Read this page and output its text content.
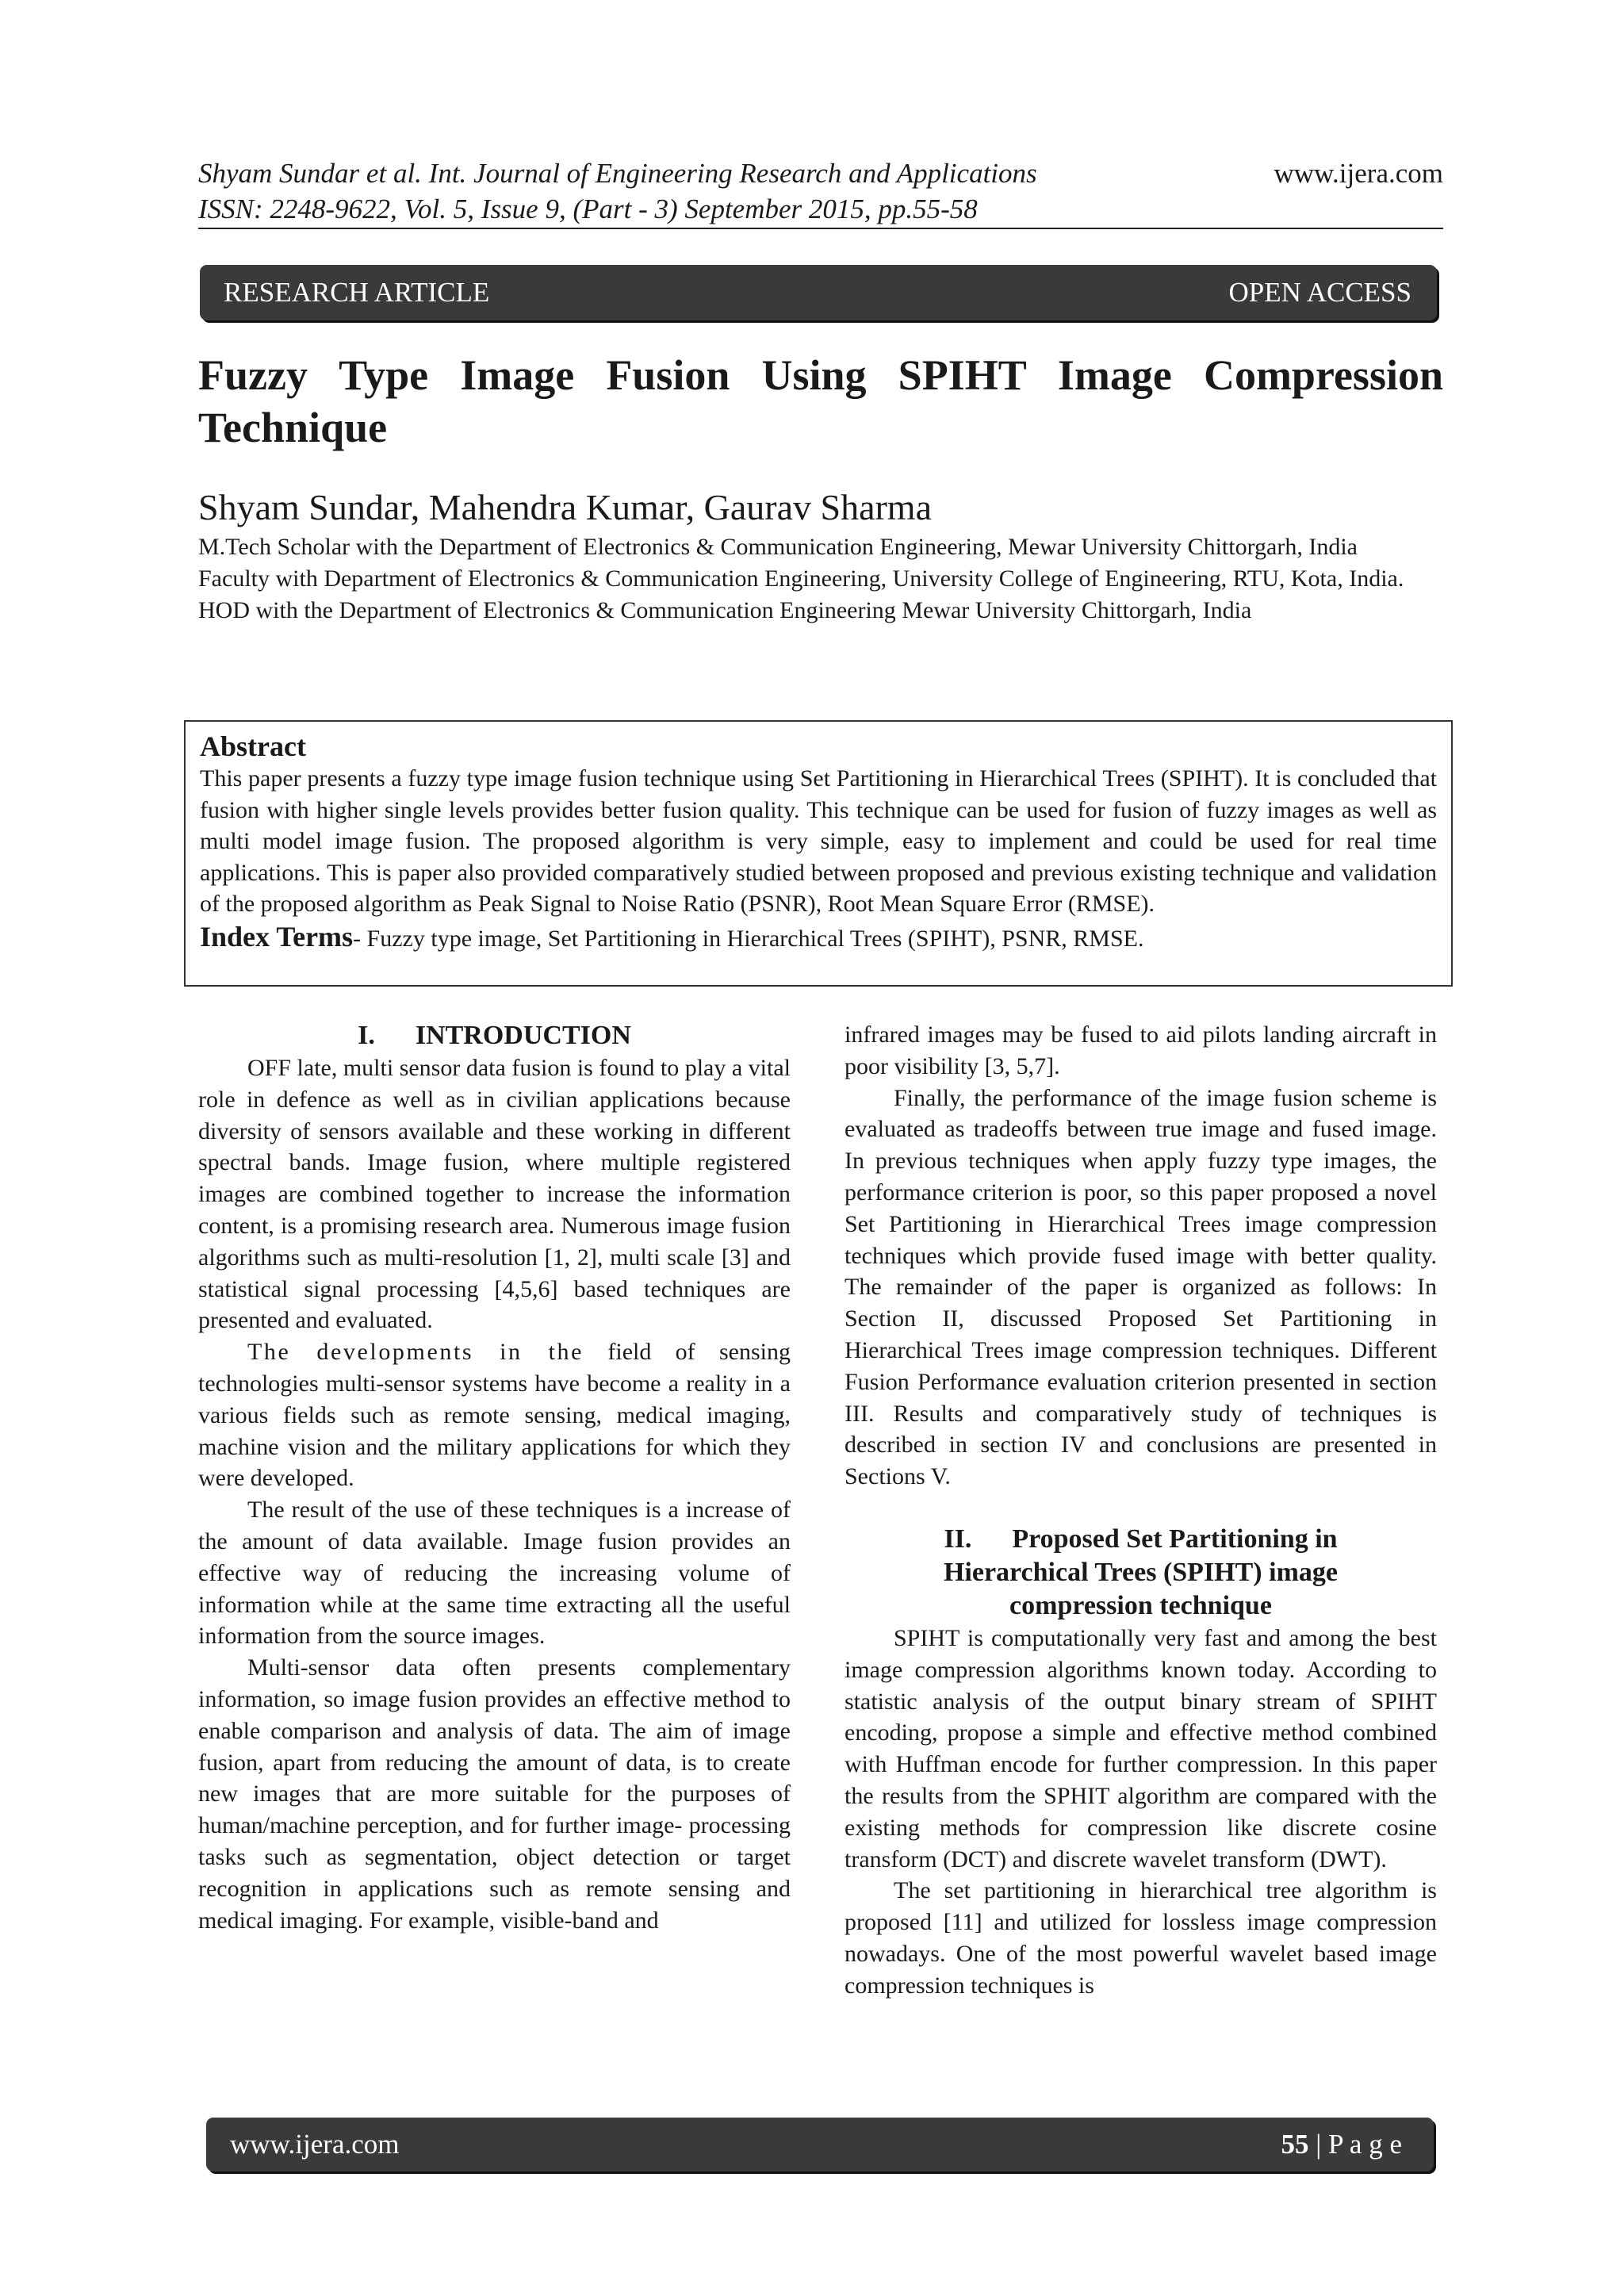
Shyam Sundar et al. Int. Journal of Engineering Research and Applications
ISSN: 2248-9622, Vol. 5, Issue 9, (Part - 3) September 2015, pp.55-58
www.ijera.com
RESEARCH ARTICLE	OPEN ACCESS
Fuzzy Type Image Fusion Using SPIHT Image Compression Technique
Shyam Sundar, Mahendra Kumar, Gaurav Sharma

M.Tech Scholar with the Department of Electronics & Communication Engineering, Mewar University Chittorgarh, India

Faculty with Department of Electronics & Communication Engineering, University College of Engineering, RTU, Kota, India.

HOD with the Department of Electronics & Communication Engineering Mewar University Chittorgarh, India

Abstract

This paper presents a fuzzy type image fusion technique using Set Partitioning in Hierarchical Trees (SPIHT). It is concluded that fusion with higher single levels provides better fusion quality. This technique can be used for fusion of fuzzy images as well as multi model image fusion. The proposed algorithm is very simple, easy to implement and could be used for real time applications. This is paper also provided comparatively studied between proposed and previous existing technique and validation of the proposed algorithm as Peak Signal to Noise Ratio (PSNR), Root Mean Square Error (RMSE).

Index Terms- Fuzzy type image, Set Partitioning in Hierarchical Trees (SPIHT), PSNR, RMSE.

I.      INTRODUCTION

OFF late, multi sensor data fusion is found to play a vital role in defence as well as in civilian applications because diversity of sensors available and these working in different spectral bands. Image fusion, where multiple registered images are combined together to increase the information content, is a promising research area. Numerous image fusion algorithms such as multi-resolution [1, 2], multi scale [3] and statistical signal processing [4,5,6] based techniques are presented and evaluated.

The developments in the field of sensing technologies multi-sensor systems have become a reality in a various fields such as remote sensing, medical imaging, machine vision and the military applications for which they were developed.

The result of the use of these techniques is a increase of the amount of data available. Image fusion provides an effective way of reducing the increasing volume of information while at the same time extracting all the useful information from the source images.

Multi-sensor data often presents complementary information, so image fusion provides an effective method to enable comparison and analysis of data. The aim of image fusion, apart from reducing the amount of data, is to create new images that are more suitable for the purposes of human/machine perception, and for further image- processing tasks such as segmentation, object detection or target recognition in applications such as remote sensing and medical imaging. For example, visible-band and

infrared images may be fused to aid pilots landing aircraft in poor visibility [3, 5,7].

Finally, the performance of the image fusion scheme is evaluated as tradeoffs between true image and fused image. In previous techniques when apply fuzzy type images, the performance criterion is poor, so this paper proposed a novel Set Partitioning in Hierarchical Trees image compression techniques which provide fused image with better quality. The remainder of the paper is organized as follows: In Section II, discussed Proposed Set Partitioning in Hierarchical Trees image compression techniques. Different Fusion Performance evaluation criterion presented in section III. Results and comparatively study of techniques is described in section IV and conclusions are presented in Sections V.

II.      Proposed Set Partitioning in

Hierarchical Trees (SPIHT) image

compression technique

SPIHT is computationally very fast and among the best image compression algorithms known today. According to statistic analysis of the output binary stream of SPIHT encoding, propose a simple and effective method combined with Huffman encode for further compression. In this paper the results from the SPHIT algorithm are compared with the existing methods for compression like discrete cosine transform (DCT) and discrete wavelet transform (DWT).

The set partitioning in hierarchical tree algorithm is proposed [11] and utilized for lossless image compression nowadays. One of the most powerful wavelet based image compression techniques is

www.ijera.com	55 | P a g e
